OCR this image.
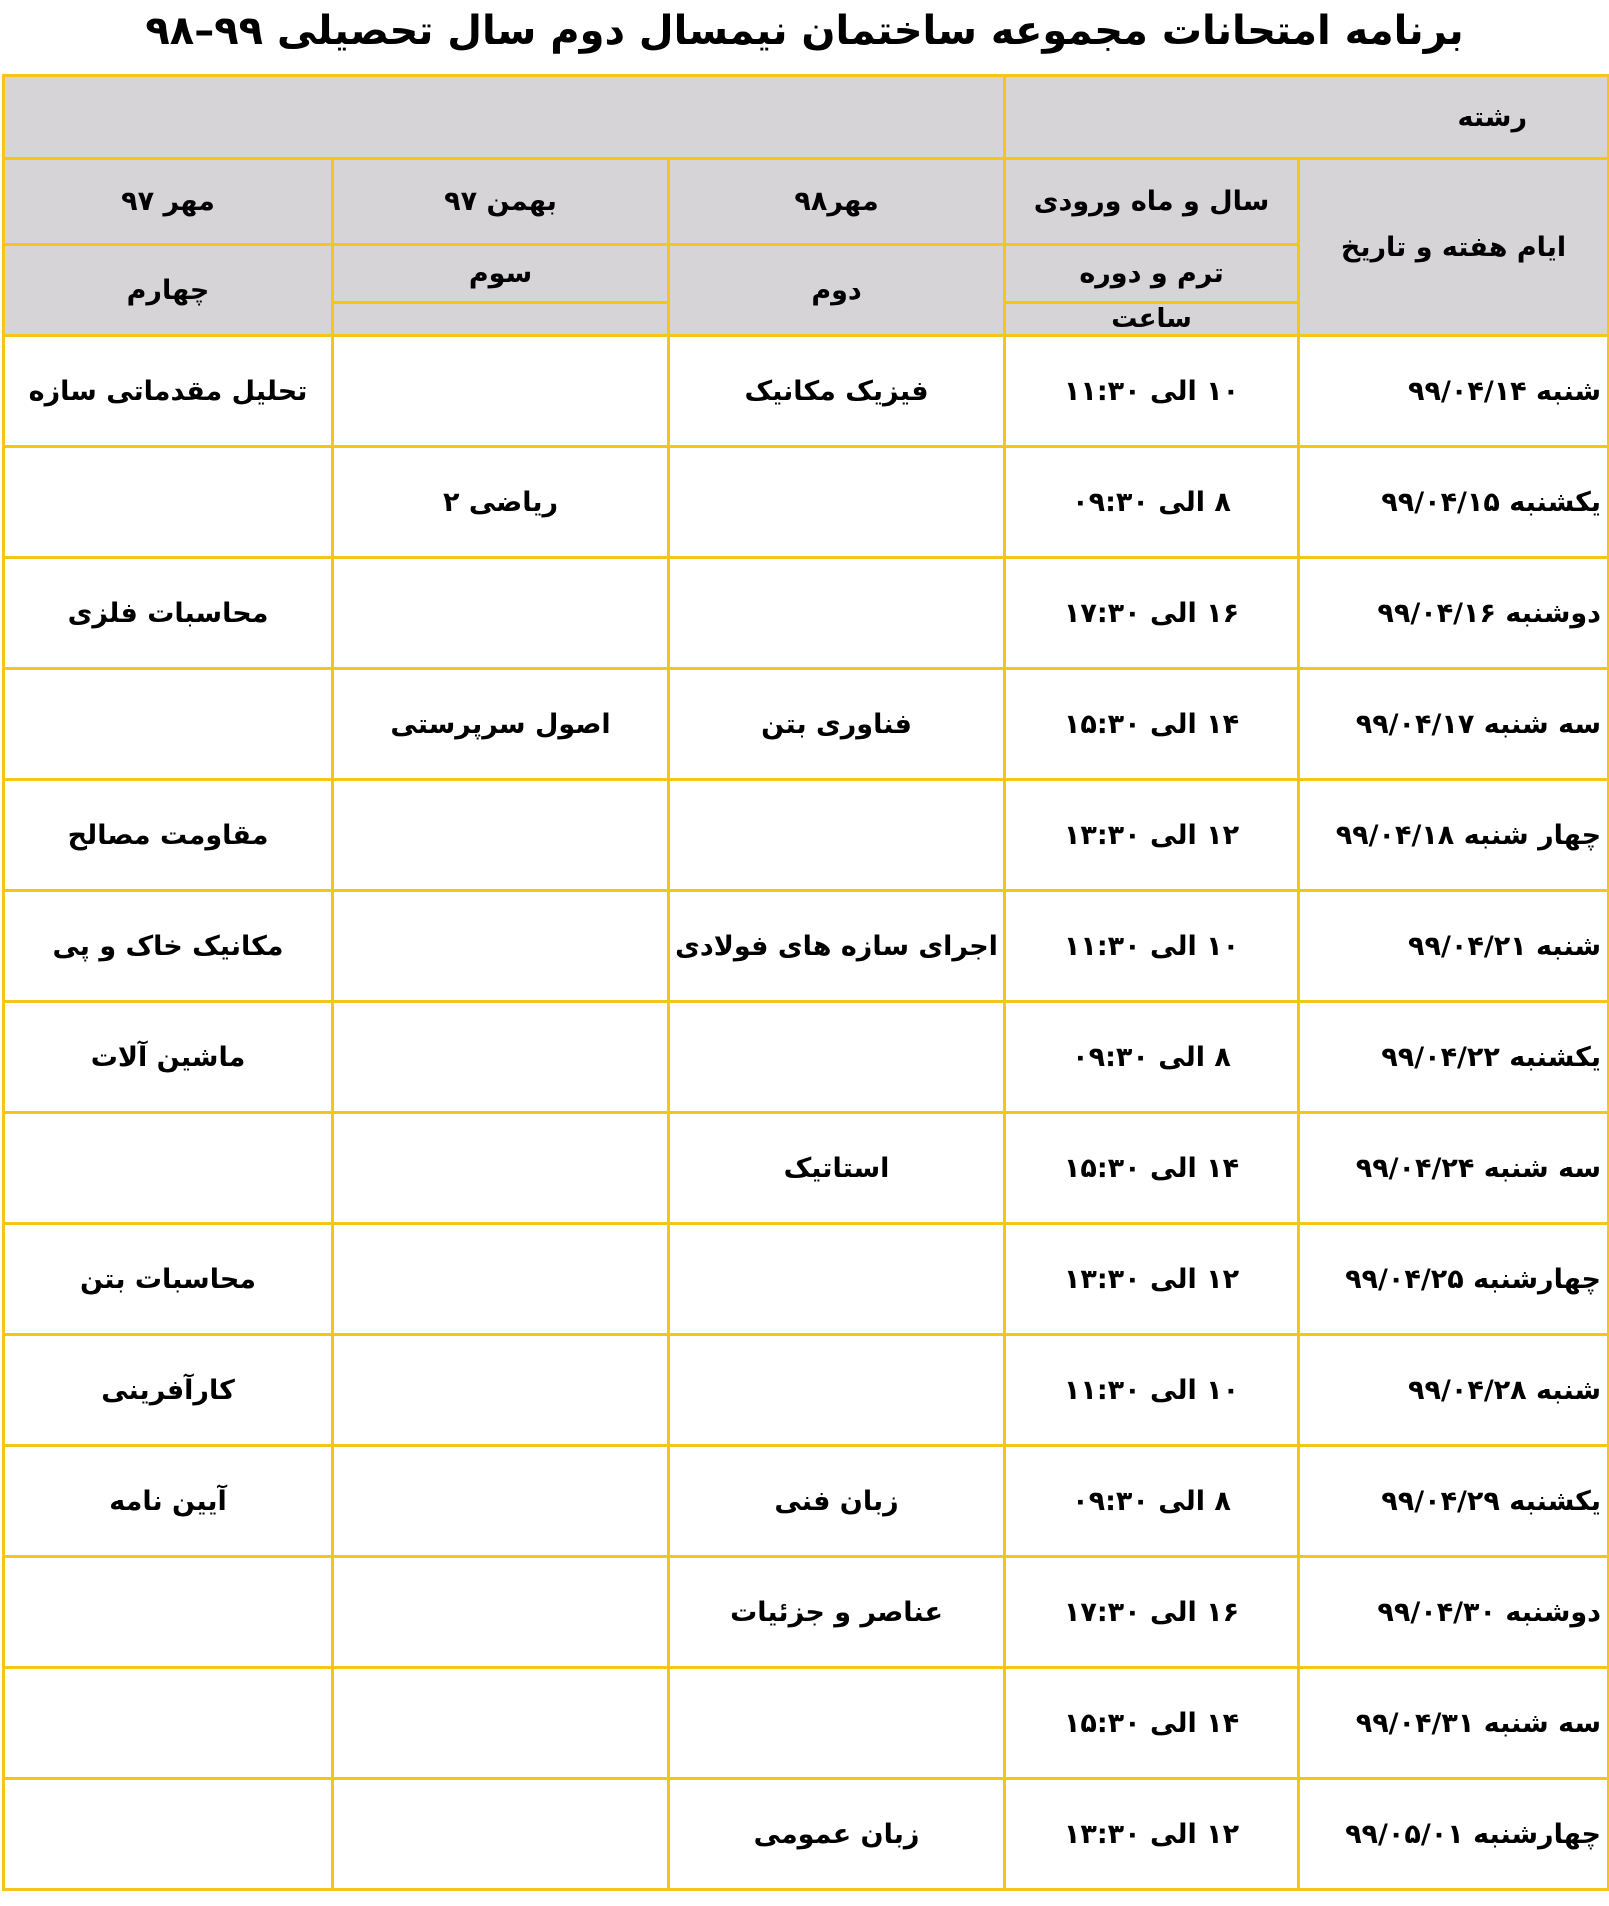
برنامه امتحانات مجموعه ساختمان نیمسال دوم سال تحصیلی ۹۹–۹۸
رشته				
ایام هفته و تاریخ	سال و ماه ورودی	مهر۹۸	بهمن ۹۷	مهر ۹۷
	ترم و دوره	دوم	سوم	چهارم
	ساعت			
شنبه ۹۹/۰۴/۱۴	۱۰ الی ۱۱:۳۰	فیزیک مکانیک		تحلیل مقدماتی سازه
یکشنبه ۹۹/۰۴/۱۵	۸ الی ۰۹:۳۰		ریاضی ۲	
دوشنبه ۹۹/۰۴/۱۶	۱۶ الی ۱۷:۳۰			محاسبات فلزی
سه شنبه ۹۹/۰۴/۱۷	۱۴ الی ۱۵:۳۰	فناوری بتن	اصول سرپرستی	
چهار شنبه ۹۹/۰۴/۱۸	۱۲ الی ۱۳:۳۰			مقاومت مصالح
شنبه ۹۹/۰۴/۲۱	۱۰ الی ۱۱:۳۰	اجرای سازه های فولادی		مکانیک خاک و پی
یکشنبه ۹۹/۰۴/۲۲	۸ الی ۰۹:۳۰			ماشین آلات
سه شنبه ۹۹/۰۴/۲۴	۱۴ الی ۱۵:۳۰	استاتیک		
چهارشنبه ۹۹/۰۴/۲۵	۱۲ الی ۱۳:۳۰			محاسبات بتن
شنبه ۹۹/۰۴/۲۸	۱۰ الی ۱۱:۳۰			کارآفرینی
یکشنبه ۹۹/۰۴/۲۹	۸ الی ۰۹:۳۰	زبان فنی		آیین نامه
دوشنبه ۹۹/۰۴/۳۰	۱۶ الی ۱۷:۳۰	عناصر و جزئیات		
سه شنبه ۹۹/۰۴/۳۱	۱۴ الی ۱۵:۳۰			
چهارشنبه ۹۹/۰۵/۰۱	۱۲ الی ۱۳:۳۰	زبان عمومی		
